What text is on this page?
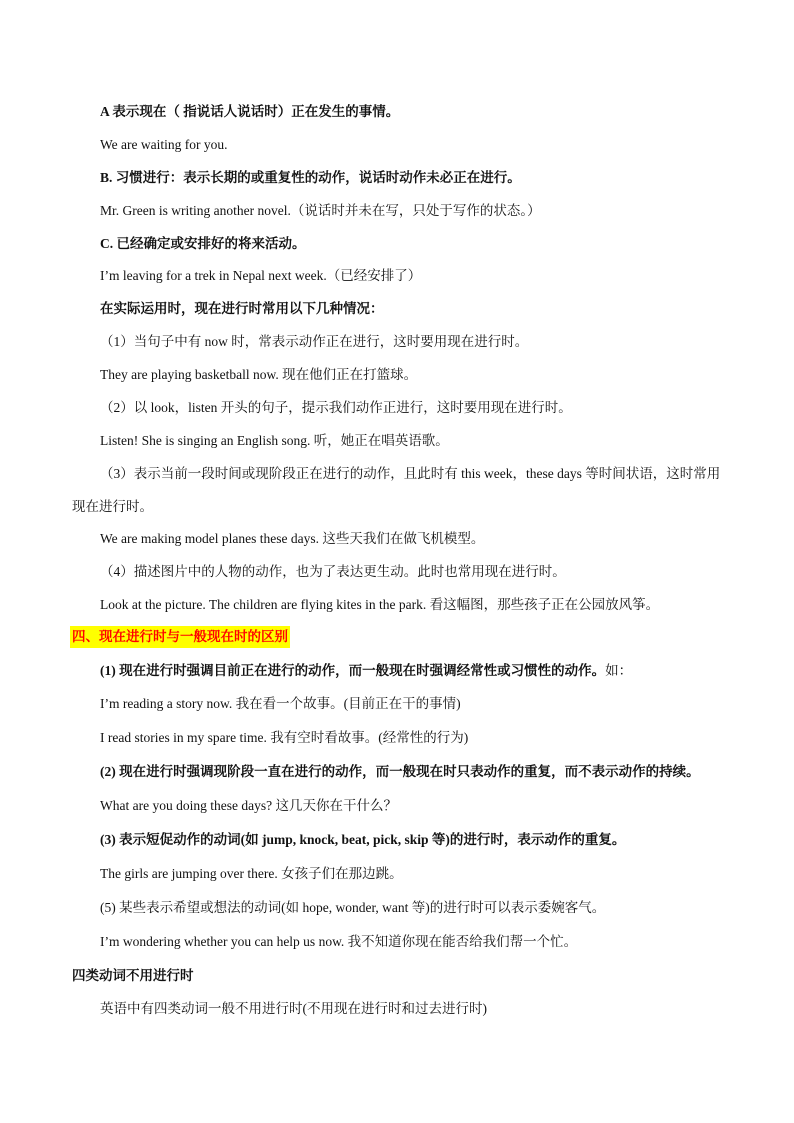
A 表示现在（ 指说话人说话时）正在发生的事情。
We are waiting for you.
B. 习惯进行：表示长期的或重复性的动作，说话时动作未必正在进行。
Mr. Green is writing another novel.（说话时并未在写，只处于写作的状态。）
C. 已经确定或安排好的将来活动。
I’m leaving for a trek in Nepal next week.（已经安排了）
在实际运用时，现在进行时常用以下几种情况：
（1）当句子中有 now 时，常表示动作正在进行，这时要用现在进行时。
They are playing basketball now. 现在他们正在打篮球。
（2）以 look，listen 开头的句子，提示我们动作正进行，这时要用现在进行时。
Listen! She is singing an English song. 听，她正在唱英语歌。
（3）表示当前一段时间或现阶段正在进行的动作，且此时有 this week，these days 等时间状语，这时常用现在进行时。
We are making model planes these days. 这些天我们在做飞机模型。
（4）描述图片中的人物的动作，也为了表达更生动。此时也常用现在进行时。
Look at the picture. The children are flying kites in the park. 看这幅图，那些孩子正在公园放风筝。
四、现在进行时与一般现在时的区别
(1) 现在进行时强调目前正在进行的动作，而一般现在时强调经常性或习惯性的动作。如：
I’m reading a story now. 我在看一个故事。(目前正在干的事情)
I read stories in my spare time. 我有空时看故事。(经常性的行为)
(2) 现在进行时强调现阶段一直在进行的动作，而一般现在时只表动作的重复，而不表示动作的持续。
What are you doing these days? 这几天你在干什么？
(3) 表示短促动作的动词(如 jump, knock, beat, pick, skip 等)的进行时，表示动作的重复。
The girls are jumping over there. 女孩子们在那边跳。
(5) 某些表示希望或想法的动词(如 hope, wonder, want 等)的进行时可以表示委婉客气。
I’m wondering whether you can help us now. 我不知道你现在能否给我们帮一个忙。
四类动词不用进行时
英语中有四类动词一般不用进行时(不用现在进行时和过去进行时)
